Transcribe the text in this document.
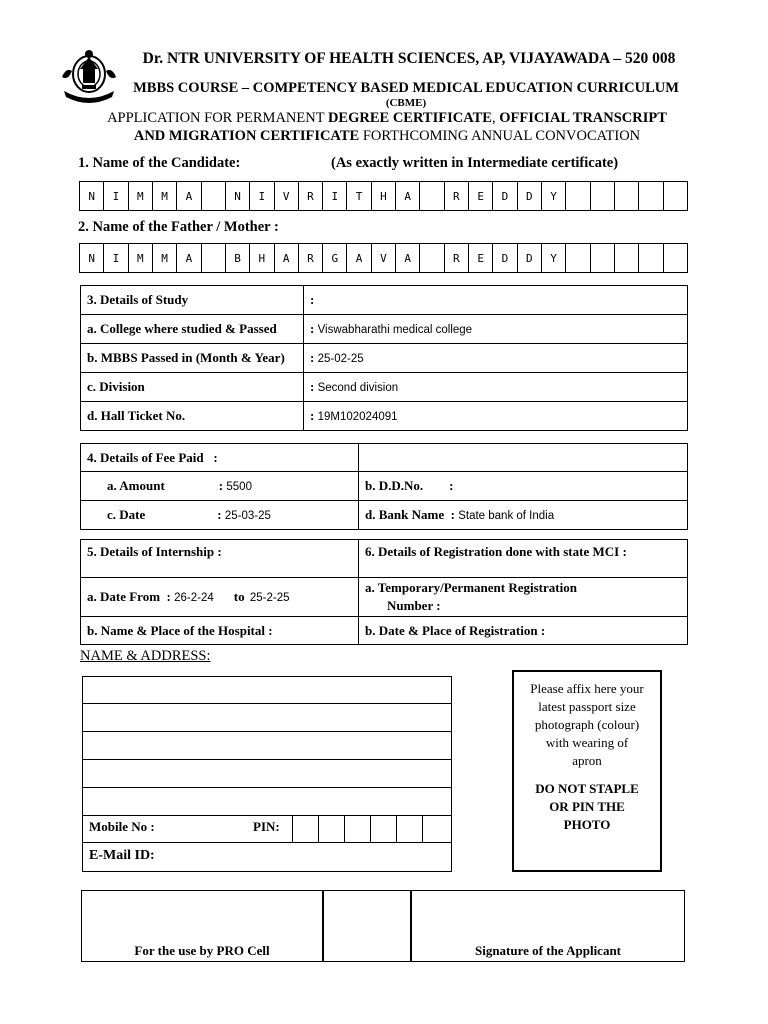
Dr. NTR UNIVERSITY OF HEALTH SCIENCES, AP, VIJAYAWADA – 520 008
MBBS COURSE – COMPETENCY BASED MEDICAL EDUCATION CURRICULUM
(CBME)
APPLICATION FOR PERMANENT DEGREE CERTIFICATE, OFFICIAL TRANSCRIPT
AND MIGRATION CERTIFICATE FORTHCOMING ANNUAL CONVOCATION
1. Name of the Candidate:	(As exactly written in Intermediate certificate)
N	I	M	M	A	N	I	V	R	I	T	H	A	R	E	D	D	Y
2. Name of the Father / Mother :
N	I	M	M	A	B	H	A	R	G	A	V	A	R	E	D	D	Y
3. Details of Study	:
a. College where studied & Passed	: Viswabharathi medical college
b. MBBS Passed in (Month & Year)	: 25-02-25
c. Division	: Second division
d. Hall Ticket No.	: 19M102024091
4. Details of Fee Paid   :	
a. Amount : 5500	b. D.D.No. :
c. Date : 25-03-25	d. Bank Name  : State bank of India
5. Details of Internship :	6. Details of Registration done with state MCI :
a. Date From  : 26-2-24 to 25-2-25	a. Temporary/Permanent Registration
Number :

b. Name & Place of the Hospital :	b. Date & Place of Registration :
NAME & ADDRESS:
Mobile No :	PIN:
E-Mail ID:
Please affix here your
latest passport size
photograph (colour)
with wearing of
apron
DO NOT STAPLE
OR PIN THE
PHOTO
For the use by PRO Cell	Signature of the Applicant
